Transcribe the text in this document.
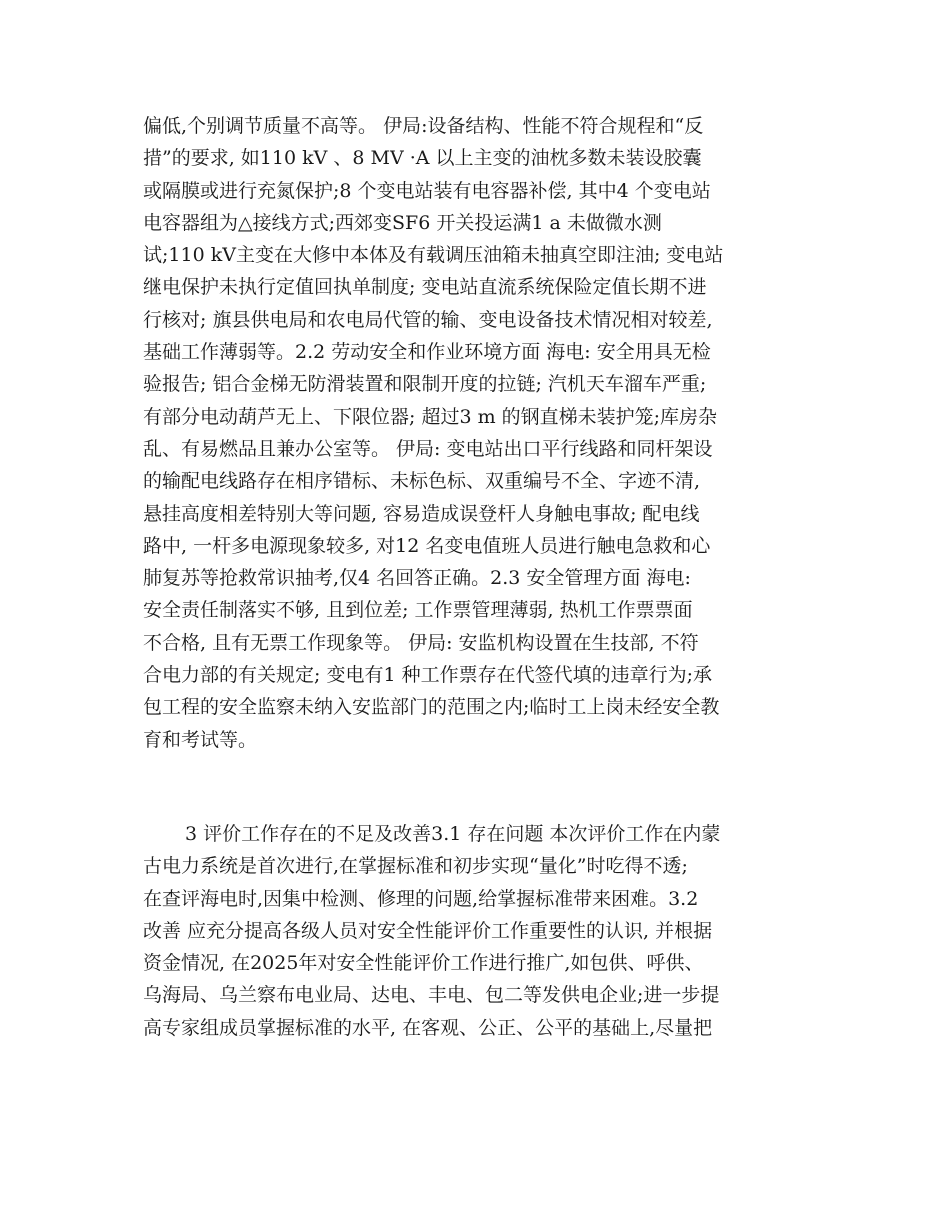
偏低,个别调节质量不高等。 伊局:设备结构、性能不符合规程和“反
措”的要求, 如110 kV 、8 MV ·A 以上主变的油枕多数未装设胶囊
或隔膜或进行充氮保护;8 个变电站装有电容器补偿, 其中4 个变电站
电容器组为△接线方式;西郊变SF6 开关投运满1 a 未做微水测
试;110 kV主变在大修中本体及有载调压油箱未抽真空即注油; 变电站
继电保护未执行定值回执单制度; 变电站直流系统保险定值长期不进
行核对; 旗县供电局和农电局代管的输、变电设备技术情况相对较差,
基础工作薄弱等。2.2 劳动安全和作业环境方面 海电: 安全用具无检
验报告; 铝合金梯无防滑装置和限制开度的拉链; 汽机天车溜车严重;
有部分电动葫芦无上、下限位器; 超过3 m 的钢直梯未装护笼;库房杂
乱、有易燃品且兼办公室等。 伊局: 变电站出口平行线路和同杆架设
的输配电线路存在相序错标、未标色标、双重编号不全、字迹不清,
悬挂高度相差特别大等问题, 容易造成误登杆人身触电事故; 配电线
路中, 一杆多电源现象较多, 对12 名变电值班人员进行触电急救和心
肺复苏等抢救常识抽考,仅4 名回答正确。2.3 安全管理方面 海电:
安全责任制落实不够, 且到位差; 工作票管理薄弱, 热机工作票票面
不合格, 且有无票工作现象等。 伊局: 安监机构设置在生技部, 不符
合电力部的有关规定; 变电有1 种工作票存在代签代填的违章行为;承
包工程的安全监察未纳入安监部门的范围之内;临时工上岗未经安全教
育和考试等。
3 评价工作存在的不足及改善3.1 存在问题 本次评价工作在内蒙
古电力系统是首次进行,在掌握标准和初步实现“量化”时吃得不透;
在查评海电时,因集中检测、修理的问题,给掌握标准带来困难。3.2
改善 应充分提高各级人员对安全性能评价工作重要性的认识, 并根据
资金情况, 在2025年对安全性能评价工作进行推广,如包供、呼供、
乌海局、乌兰察布电业局、达电、丰电、包二等发供电企业;进一步提
高专家组成员掌握标准的水平, 在客观、公正、公平的基础上,尽量把
